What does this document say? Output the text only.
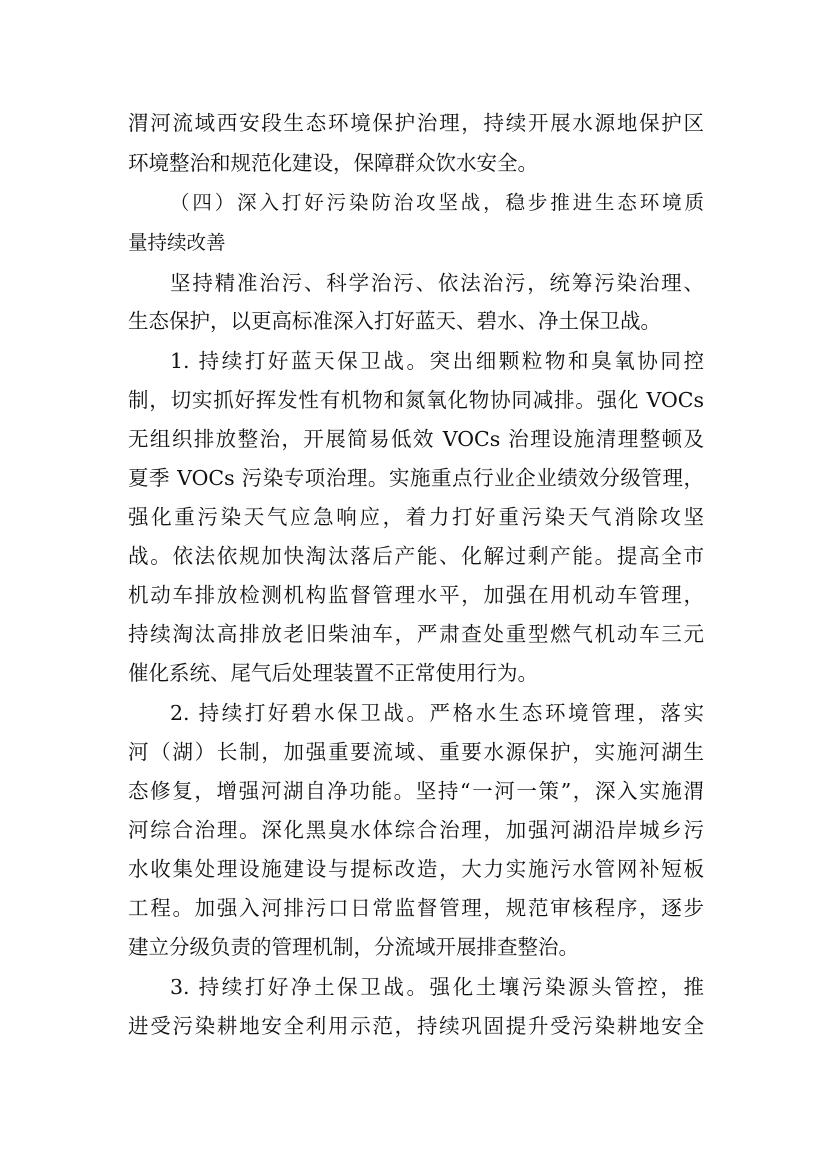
渭河流域西安段生态环境保护治理，持续开展水源地保护区
环境整治和规范化建设，保障群众饮水安全。
（四）深入打好污染防治攻坚战，稳步推进生态环境质
量持续改善
坚持精准治污、科学治污、依法治污，统筹污染治理、
生态保护，以更高标准深入打好蓝天、碧水、净土保卫战。
1. 持续打好蓝天保卫战。突出细颗粒物和臭氧协同控
制，切实抓好挥发性有机物和氮氧化物协同减排。强化 VOCs
无组织排放整治，开展简易低效 VOCs 治理设施清理整顿及
夏季 VOCs 污染专项治理。实施重点行业企业绩效分级管理，
强化重污染天气应急响应，着力打好重污染天气消除攻坚
战。依法依规加快淘汰落后产能、化解过剩产能。提高全市
机动车排放检测机构监督管理水平，加强在用机动车管理，
持续淘汰高排放老旧柴油车，严肃查处重型燃气机动车三元
催化系统、尾气后处理装置不正常使用行为。
2. 持续打好碧水保卫战。严格水生态环境管理，落实
河（湖）长制，加强重要流域、重要水源保护，实施河湖生
态修复，增强河湖自净功能。坚持“一河一策”，深入实施渭
河综合治理。深化黑臭水体综合治理，加强河湖沿岸城乡污
水收集处理设施建设与提标改造，大力实施污水管网补短板
工程。加强入河排污口日常监督管理，规范审核程序，逐步
建立分级负责的管理机制，分流域开展排查整治。
3. 持续打好净土保卫战。强化土壤污染源头管控，推
进受污染耕地安全利用示范，持续巩固提升受污染耕地安全
